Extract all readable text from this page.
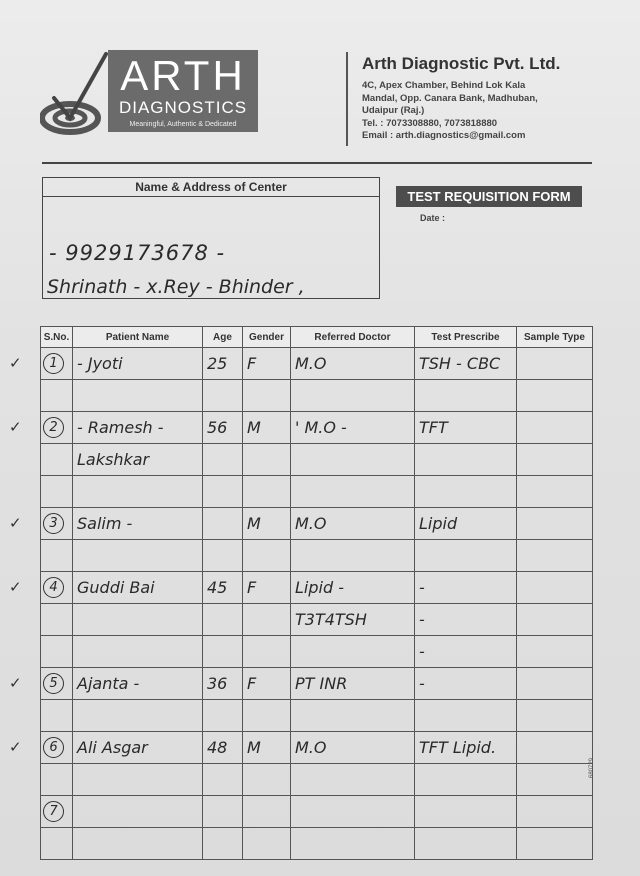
ARTH
DIAGNOSTICS
Meaningful, Authentic & Dedicated
Arth Diagnostic Pvt. Ltd.
4C, Apex Chamber, Behind Lok Kala
Mandal, Opp. Canara Bank, Madhuban,
Udaipur (Raj.)
Tel. : 7073308880, 7073818880
Email : arth.diagnostics@gmail.com
Name & Address of Center
- 9929173678 -
Shrinath - x.Rey - Bhinder ,
TEST REQUISITION FORM
Date :
S.No.	Patient Name	Age	Gender	Referred Doctor	Test Prescribe	Sample Type

✓ 1	- Jyoti	25	F	M.O	TSH - CBC	

✓ 2	- Ramesh -	56	M	' M.O -	TFT	

	Lakshkar					

✓ 3	Salim -		M	M.O	Lipid	

✓ 4	Guddi Bai	45	F	Lipid -	-	

				T3T4TSH	-	

					-	

✓ 5	Ajanta -	36	F	PT INR	-	

✓ 6	Ali Asgar	48	M	M.O	TFT Lipid.	

7	

680729
